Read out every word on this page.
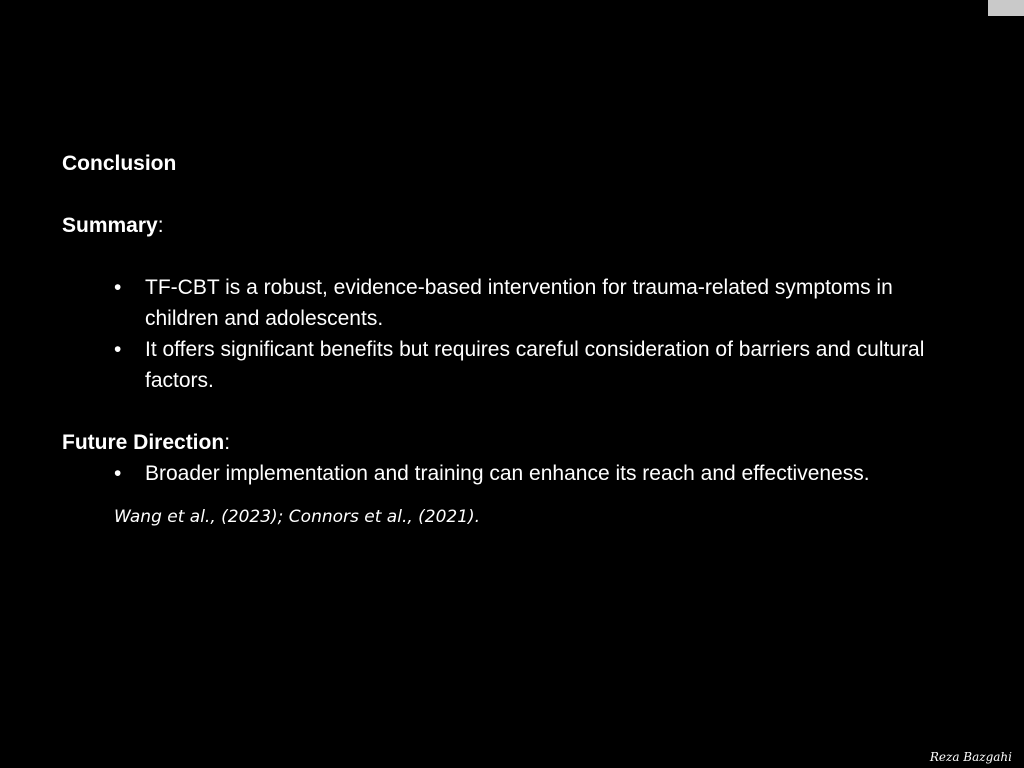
Conclusion

Summary:

• TF-CBT is a robust, evidence-based intervention for trauma-related symptoms in children and adolescents.
• It offers significant benefits but requires careful consideration of barriers and cultural factors.

Future Direction:

• Broader implementation and training can enhance its reach and effectiveness.
Wang et al., (2023); Connors et al., (2021).
Reza Bazgahi
